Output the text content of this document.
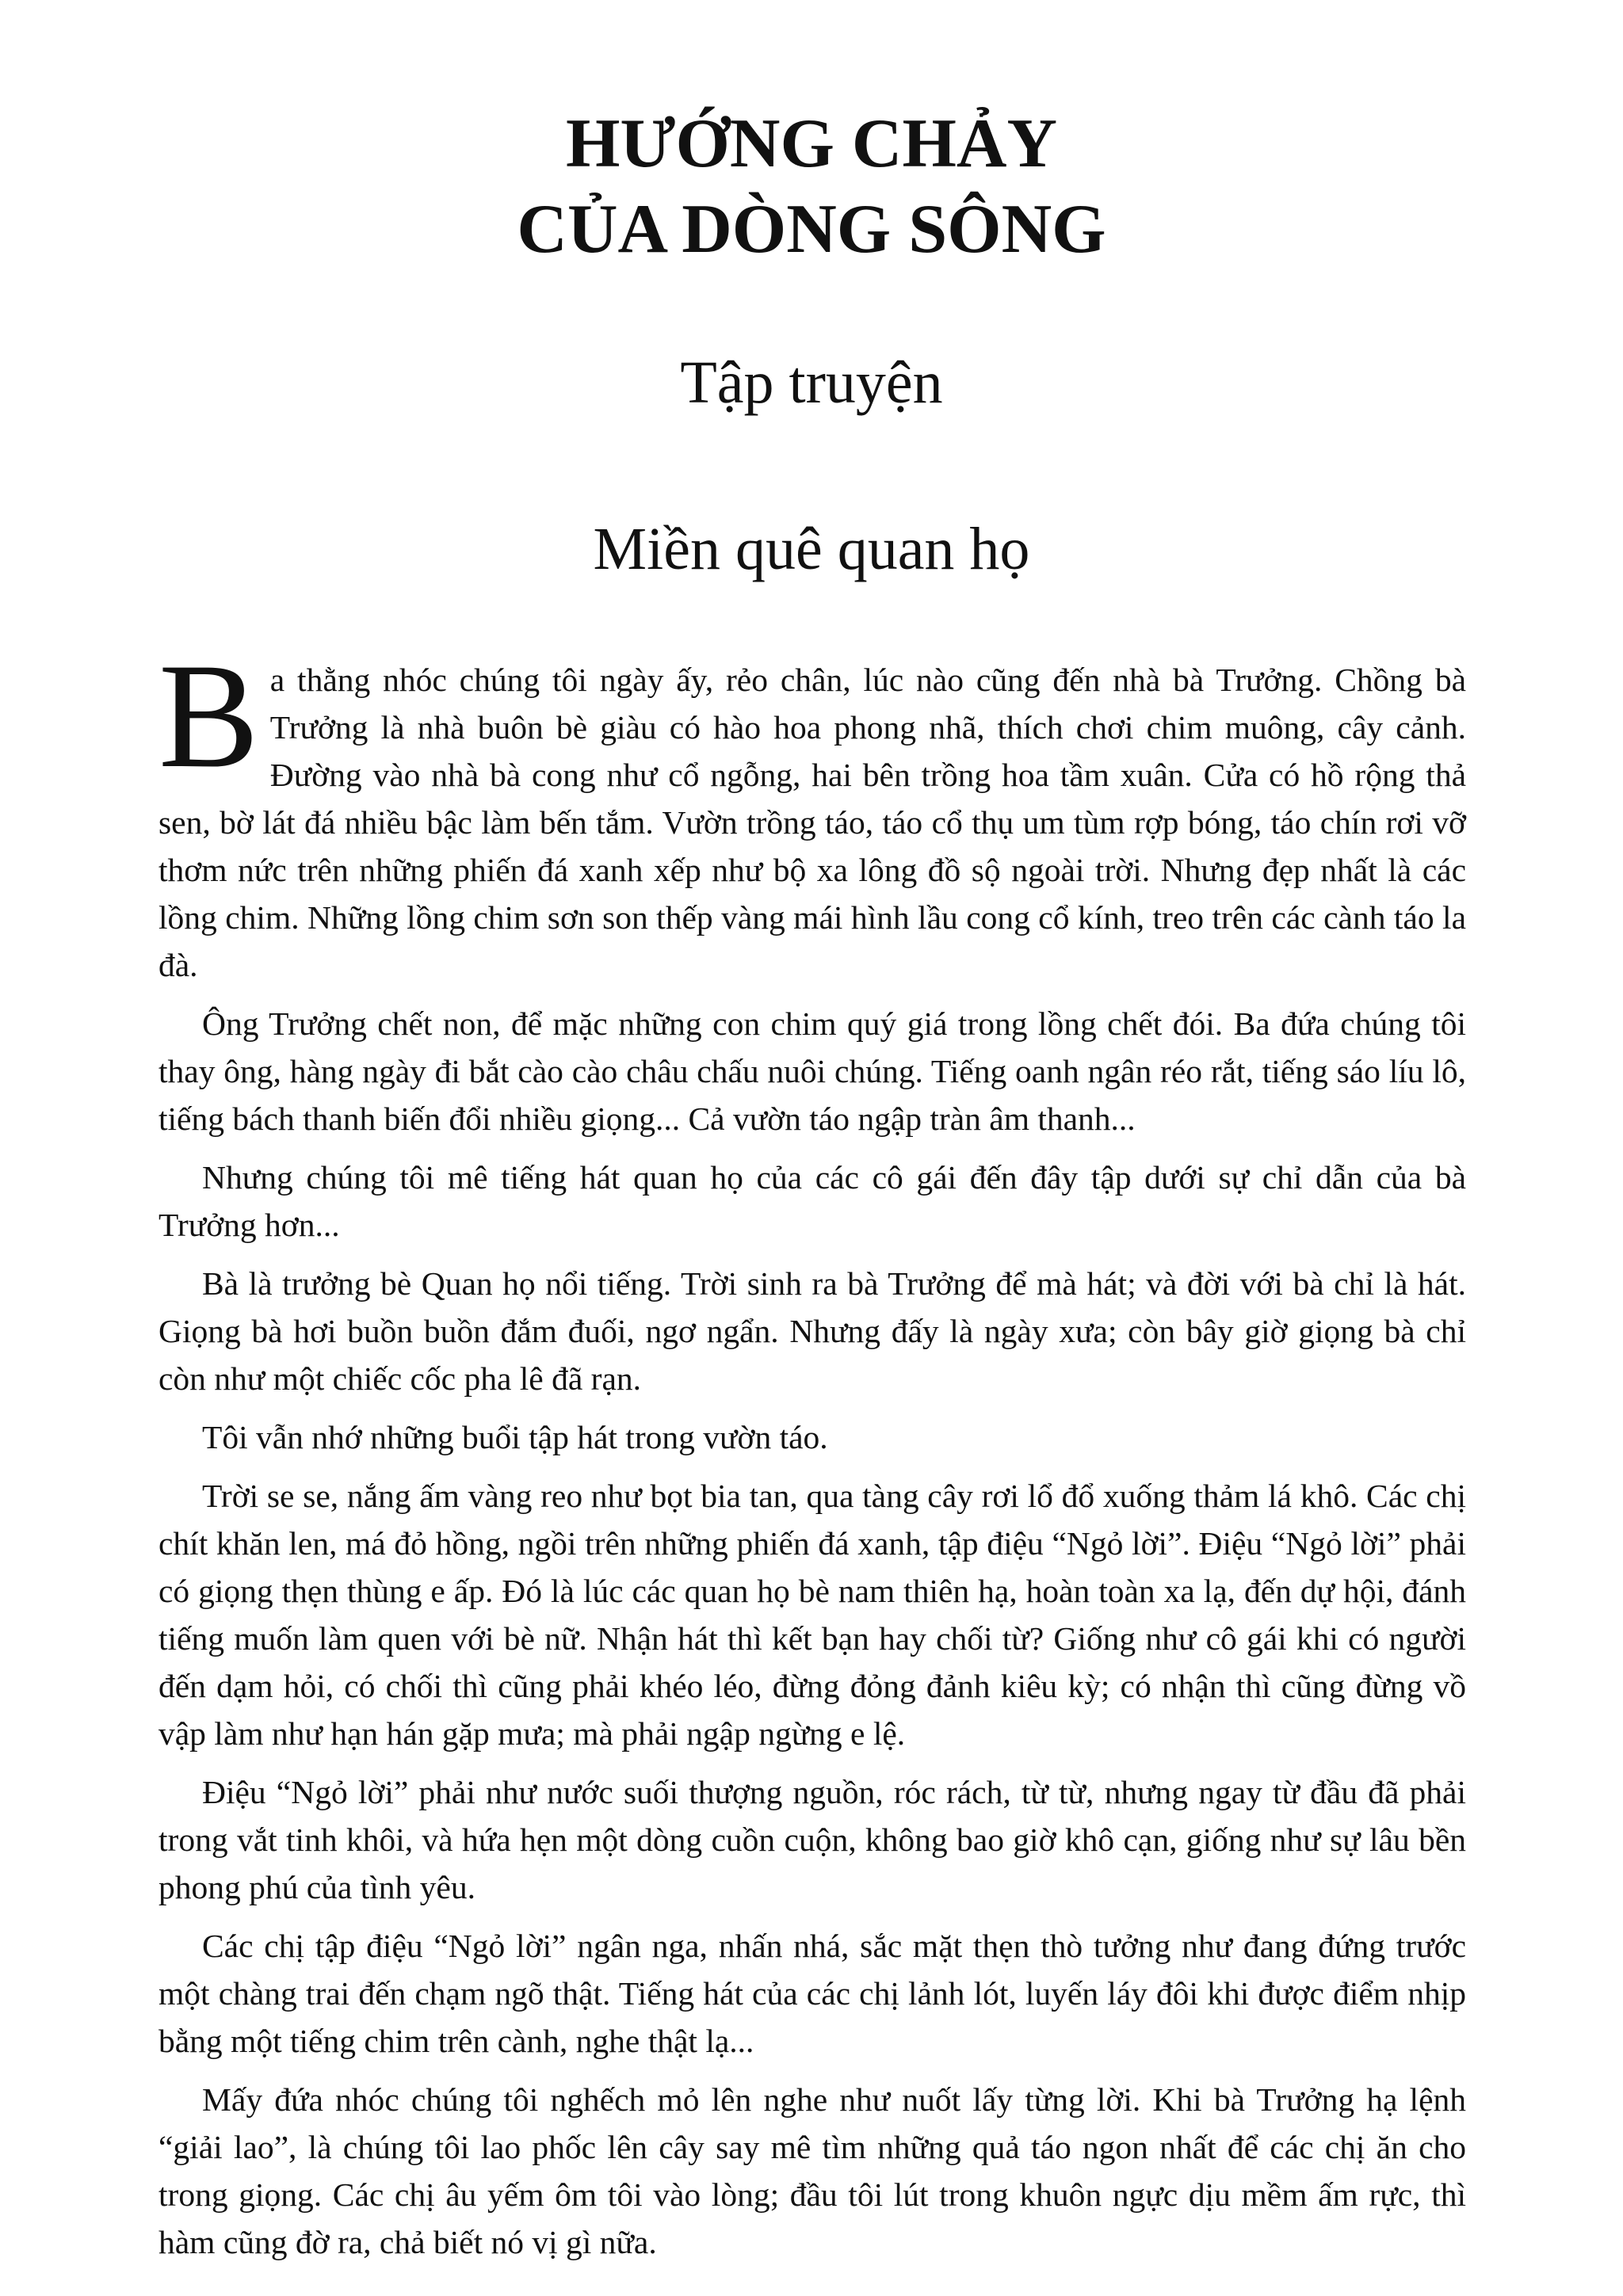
HƯỚNG CHẢY
CỦA DÒNG SÔNG
Tập truyện
Miền quê quan họ

Ba thằng nhóc chúng tôi ngày ấy, rẻo chân, lúc nào cũng đến nhà bà Trưởng. Chồng bà Trưởng là nhà buôn bè giàu có hào hoa phong nhã, thích chơi chim muông, cây cảnh. Đường vào nhà bà cong như cổ ngỗng, hai bên trồng hoa tầm xuân. Cửa có hồ rộng thả sen, bờ lát đá nhiều bậc làm bến tắm. Vườn trồng táo, táo cổ thụ um tùm rợp bóng, táo chín rơi vỡ thơm nức trên những phiến đá xanh xếp như bộ xa lông đồ sộ ngoài trời. Nhưng đẹp nhất là các lồng chim. Những lồng chim sơn son thếp vàng mái hình lầu cong cổ kính, treo trên các cành táo la đà.

Ông Trưởng chết non, để mặc những con chim quý giá trong lồng chết đói. Ba đứa chúng tôi thay ông, hàng ngày đi bắt cào cào châu chấu nuôi chúng. Tiếng oanh ngân réo rắt, tiếng sáo líu lô, tiếng bách thanh biến đổi nhiều giọng... Cả vườn táo ngập tràn âm thanh...

Nhưng chúng tôi mê tiếng hát quan họ của các cô gái đến đây tập dưới sự chỉ dẫn của bà Trưởng hơn...

Bà là trưởng bè Quan họ nổi tiếng. Trời sinh ra bà Trưởng để mà hát; và đời với bà chỉ là hát. Giọng bà hơi buồn buồn đắm đuối, ngơ ngẩn. Nhưng đấy là ngày xưa; còn bây giờ giọng bà chỉ còn như một chiếc cốc pha lê đã rạn.

Tôi vẫn nhớ những buổi tập hát trong vườn táo.

Trời se se, nắng ấm vàng reo như bọt bia tan, qua tàng cây rơi lổ đổ xuống thảm lá khô. Các chị chít khăn len, má đỏ hồng, ngồi trên những phiến đá xanh, tập điệu “Ngỏ lời”. Điệu “Ngỏ lời” phải có giọng thẹn thùng e ấp. Đó là lúc các quan họ bè nam thiên hạ, hoàn toàn xa lạ, đến dự hội, đánh tiếng muốn làm quen với bè nữ. Nhận hát thì kết bạn hay chối từ? Giống như cô gái khi có người đến dạm hỏi, có chối thì cũng phải khéo léo, đừng đỏng đảnh kiêu kỳ; có nhận thì cũng đừng vồ vập làm như hạn hán gặp mưa; mà phải ngập ngừng e lệ.

Điệu “Ngỏ lời” phải như nước suối thượng nguồn, róc rách, từ từ, nhưng ngay từ đầu đã phải trong vắt tinh khôi, và hứa hẹn một dòng cuồn cuộn, không bao giờ khô cạn, giống như sự lâu bền phong phú của tình yêu.

Các chị tập điệu “Ngỏ lời” ngân nga, nhấn nhá, sắc mặt thẹn thò tưởng như đang đứng trước một chàng trai đến chạm ngõ thật. Tiếng hát của các chị lảnh lót, luyến láy đôi khi được điểm nhịp bằng một tiếng chim trên cành, nghe thật lạ...

Mấy đứa nhóc chúng tôi nghếch mỏ lên nghe như nuốt lấy từng lời. Khi bà Trưởng hạ lệnh “giải lao”, là chúng tôi lao phốc lên cây say mê tìm những quả táo ngon nhất để các chị ăn cho trong giọng. Các chị âu yếm ôm tôi vào lòng; đầu tôi lút trong khuôn ngực dịu mềm ấm rực, thì hàm cũng đờ ra, chả biết nó vị gì nữa.
